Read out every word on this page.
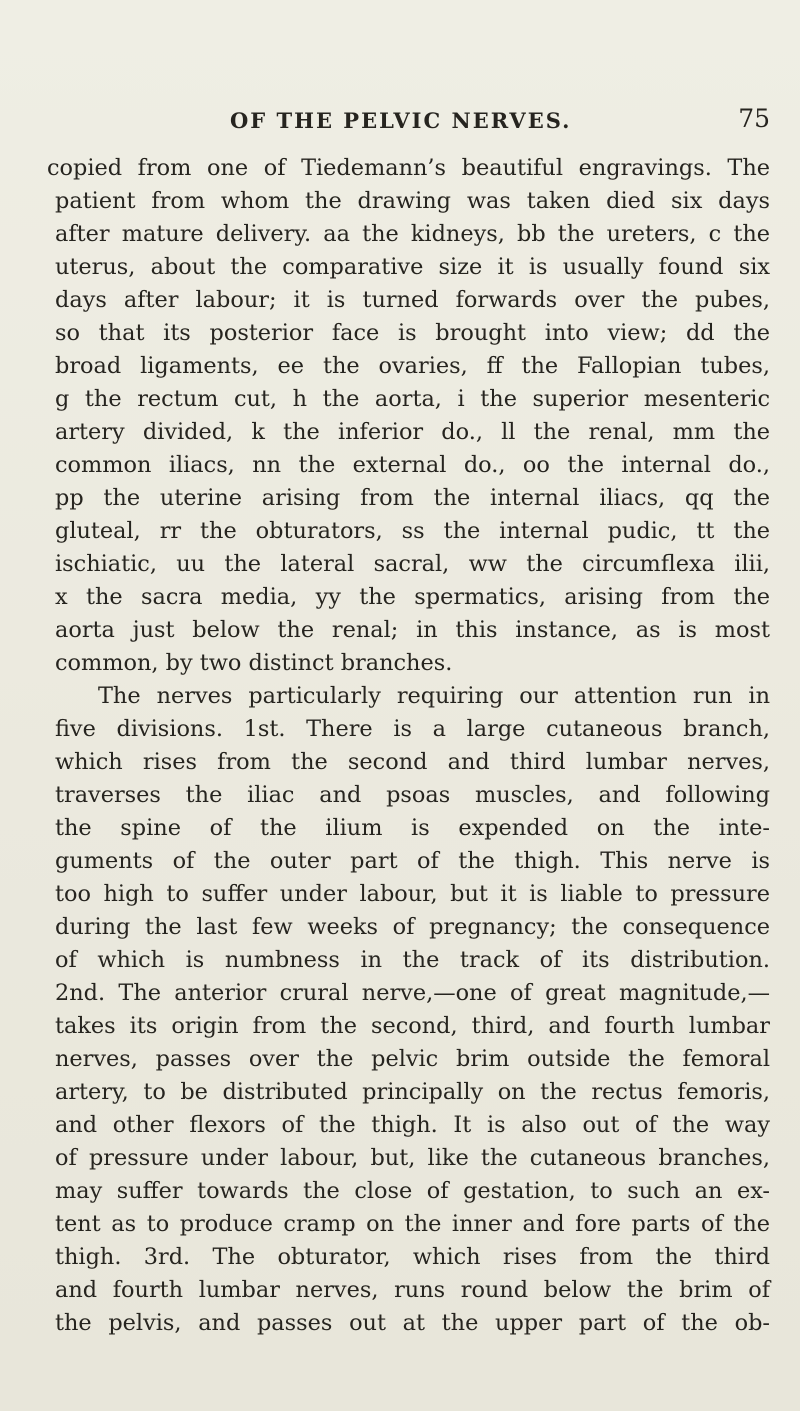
OF THE PELVIC NERVES.	75
copied from one of Tiedemann’s beautiful engravings. The
patient from whom the drawing was taken died six days
after mature delivery. aa the kidneys, bb the ureters, c the
uterus, about the comparative size it is usually found six
days after labour; it is turned forwards over the pubes,
so that its posterior face is brought into view; dd the
broad ligaments, ee the ovaries, ff the Fallopian tubes,
g the rectum cut, h the aorta, i the superior mesenteric
artery divided, k the inferior do., ll the renal, mm the
common iliacs, nn the external do., oo the internal do.,
pp the uterine arising from the internal iliacs, qq the
gluteal, rr the obturators, ss the internal pudic, tt the
ischiatic, uu the lateral sacral, ww the circumflexa ilii,
x the sacra media, yy the spermatics, arising from the
aorta just below the renal; in this instance, as is most
common, by two distinct branches.
The nerves particularly requiring our attention run in
five divisions. 1st. There is a large cutaneous branch,
which rises from the second and third lumbar nerves,
traverses the iliac and psoas muscles, and following
the spine of the ilium is expended on the inte-
guments of the outer part of the thigh. This nerve is
too high to suffer under labour, but it is liable to pressure
during the last few weeks of pregnancy; the consequence
of which is numbness in the track of its distribution.
2nd. The anterior crural nerve,—one of great magnitude,—
takes its origin from the second, third, and fourth lumbar
nerves, passes over the pelvic brim outside the femoral
artery, to be distributed principally on the rectus femoris,
and other flexors of the thigh. It is also out of the way
of pressure under labour, but, like the cutaneous branches,
may suffer towards the close of gestation, to such an ex-
tent as to produce cramp on the inner and fore parts of the
thigh. 3rd. The obturator, which rises from the third
and fourth lumbar nerves, runs round below the brim of
the pelvis, and passes out at the upper part of the ob-
